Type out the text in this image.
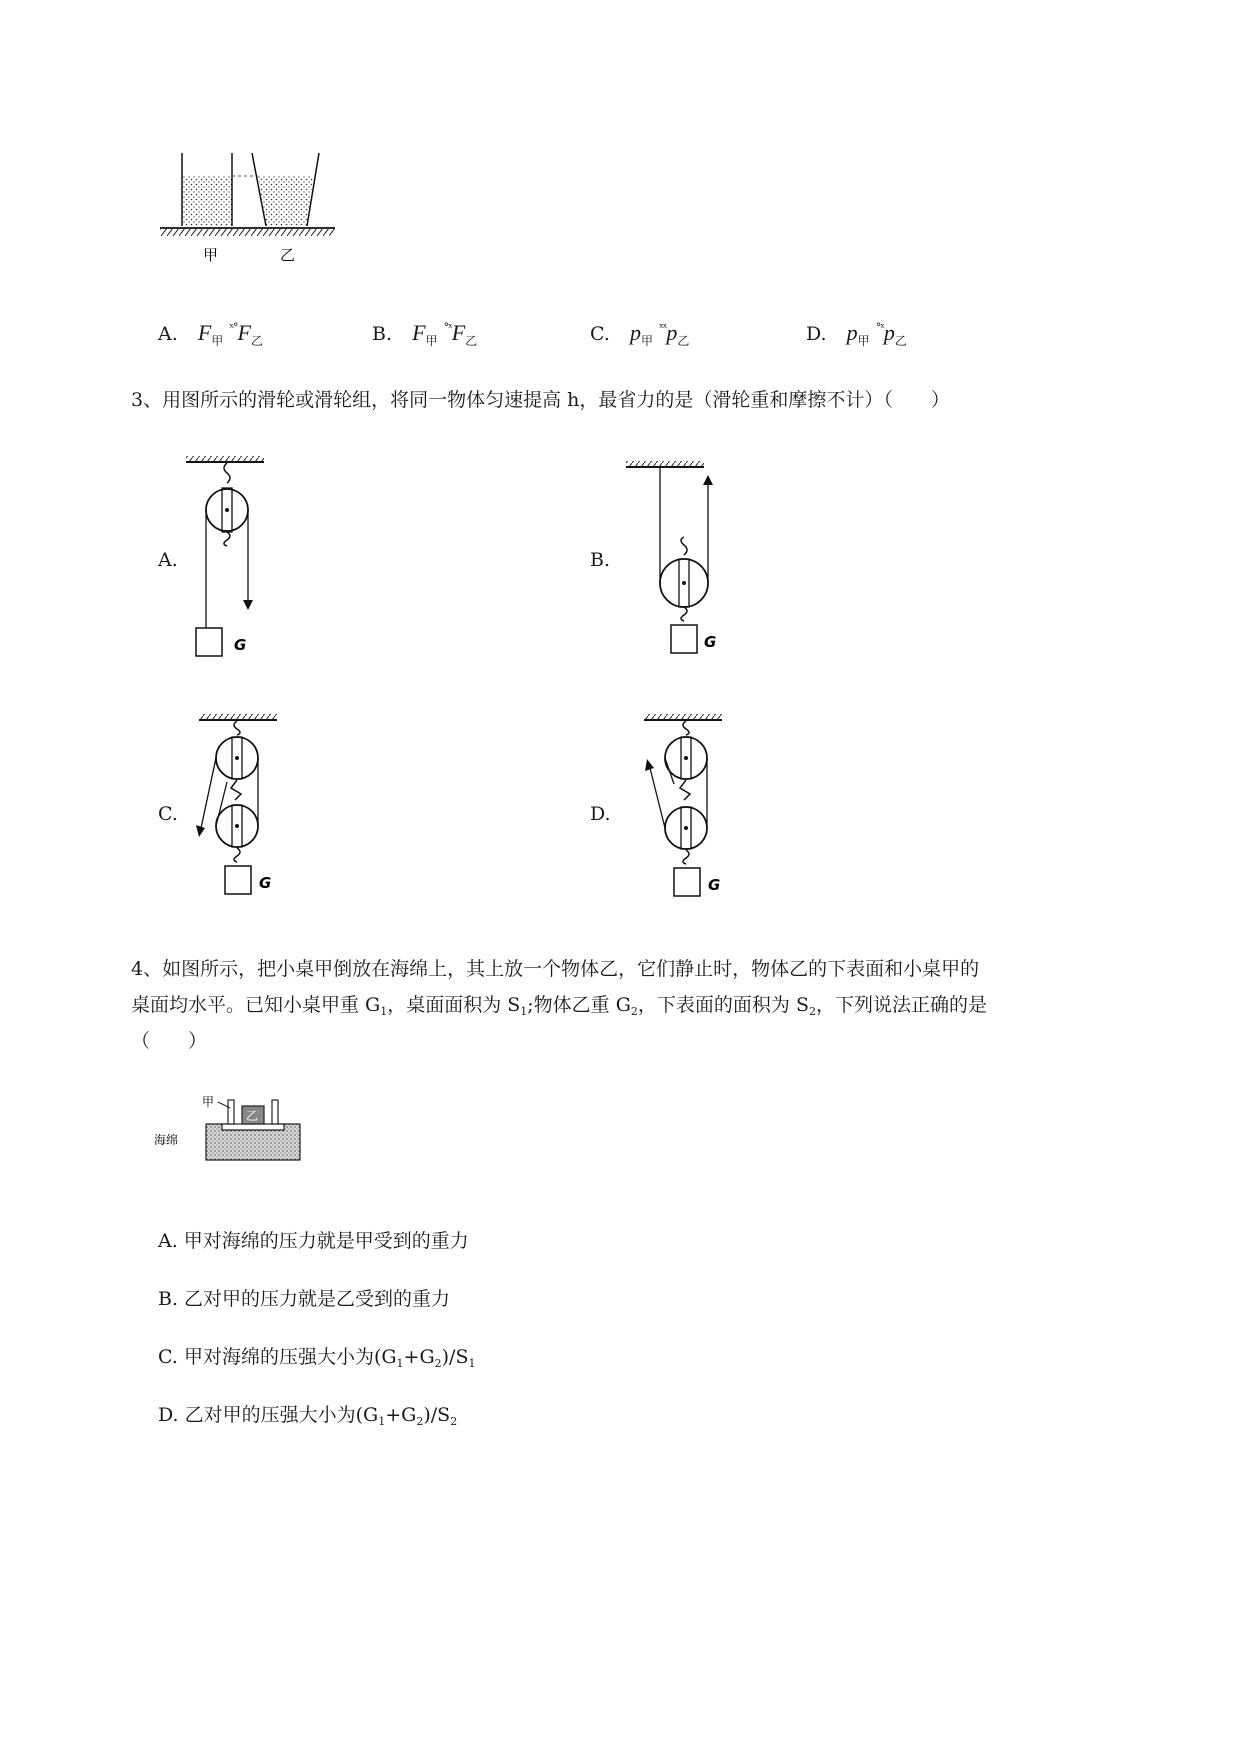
甲	乙
A. $F_甲$ $^{ˣ^\circ}F_乙$	B. $F_甲$ $^{^\circ ˣ}F_乙$	C. $p_甲$ $^{ˣˣ}p_乙$	D. $p_甲$ $^{^\circ ˣ}p_乙$
3、用图所示的滑轮或滑轮组，将同一物体匀速提高 h，最省力的是（滑轮重和摩擦不计）（　　）
A.	B.
C.	D.
G	G
G	G
4、如图所示，把小桌甲倒放在海绵上，其上放一个物体乙，它们静止时，物体乙的下表面和小桌甲的
桌面均水平。已知小桌甲重 $G_1$，桌面面积为 $S_1$;物体乙重 $G_2$，下表面的面积为 $S_2$，下列说法正确的是
（　　）
乙
甲
海绵
A. 甲对海绵的压力就是甲受到的重力
B. 乙对甲的压力就是乙受到的重力
C. 甲对海绵的压强大小为$(G_1+G_2)/S_1$
D. 乙对甲的压强大小为$(G_1+G_2)/S_2$
